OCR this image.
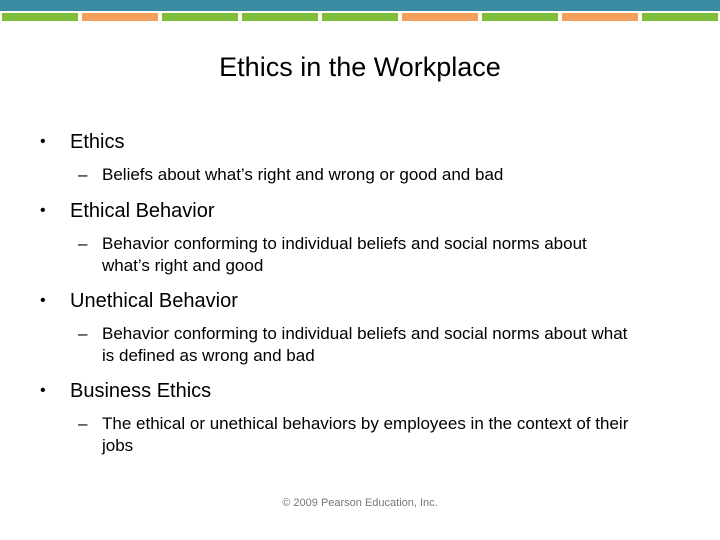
Ethics in the Workplace
• Ethics
– Beliefs about what’s right and wrong or good and bad
• Ethical Behavior
– Behavior conforming to individual beliefs and social norms about
what’s right and good
• Unethical Behavior
– Behavior conforming to individual beliefs and social norms about what
is defined as wrong and bad
• Business Ethics
– The ethical or unethical behaviors by employees in the context of their
jobs
© 2009 Pearson Education, Inc.
